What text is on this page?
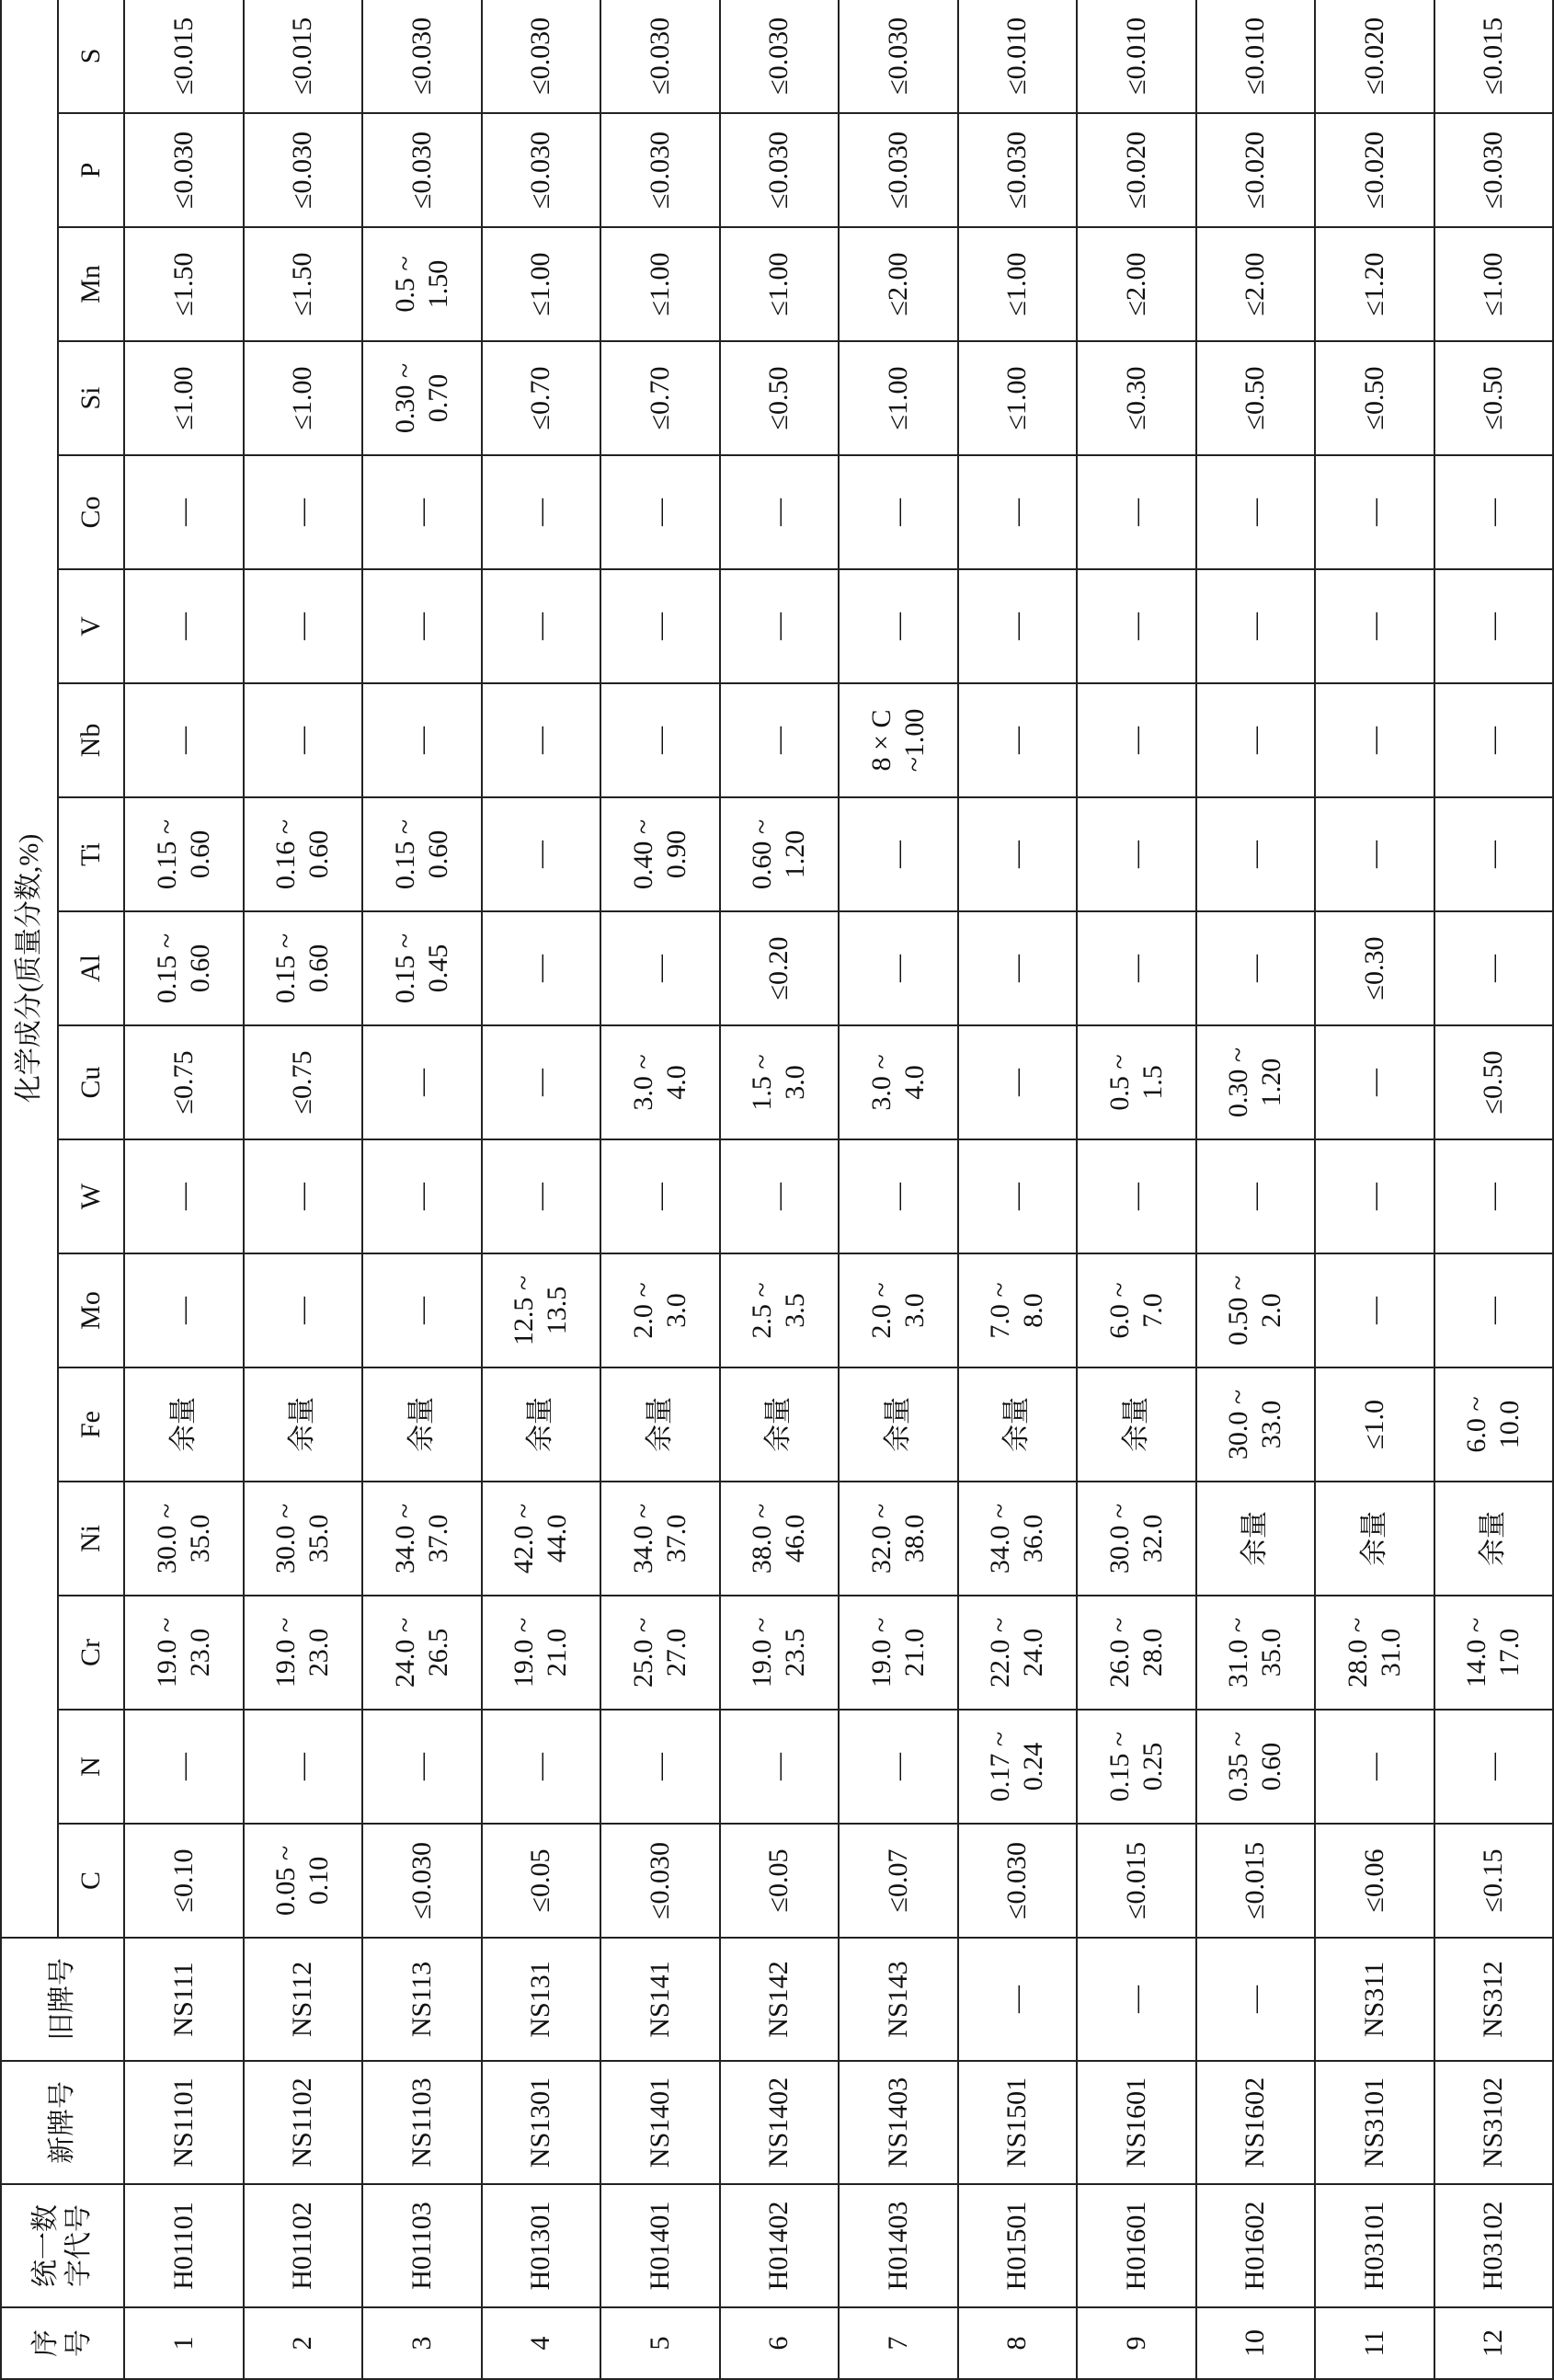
序 号	统一数 字代号	新牌号	旧牌号	化学成分(质量分数,%)																
				C	N	Cr	Ni	Fe	Mo	W	Cu	Al	Ti	Nb	V	Co	Si	Mn	P	S
1	H01101	NS1101	NS111	≤0.10	—	19.0 ~ 23.0	30.0 ~ 35.0	余量	—	—	≤0.75	0.15 ~ 0.60	0.15 ~ 0.60	—	—	—	≤1.00	≤1.50	≤0.030	≤0.015

2	H01102	NS1102	NS112	0.05 ~ 0.10	—	19.0 ~ 23.0	30.0 ~ 35.0	余量	—	—	≤0.75	0.15 ~ 0.60	0.16 ~ 0.60	—	—	—	≤1.00	≤1.50	≤0.030	≤0.015

3	H01103	NS1103	NS113	≤0.030	—	24.0 ~ 26.5	34.0 ~ 37.0	余量	—	—	—	0.15 ~ 0.45	0.15 ~ 0.60	—	—	—	0.30 ~ 0.70	0.5 ~ 1.50	≤0.030	≤0.030

4	H01301	NS1301	NS131	≤0.05	—	19.0 ~ 21.0	42.0 ~ 44.0	余量	12.5 ~ 13.5	—	—	—	—	—	—	—	≤0.70	≤1.00	≤0.030	≤0.030

5	H01401	NS1401	NS141	≤0.030	—	25.0 ~ 27.0	34.0 ~ 37.0	余量	2.0 ~ 3.0	—	3.0 ~ 4.0	—	0.40 ~ 0.90	—	—	—	≤0.70	≤1.00	≤0.030	≤0.030

6	H01402	NS1402	NS142	≤0.05	—	19.0 ~ 23.5	38.0 ~ 46.0	余量	2.5 ~ 3.5	—	1.5 ~ 3.0	≤0.20	0.60 ~ 1.20	—	—	—	≤0.50	≤1.00	≤0.030	≤0.030

7	H01403	NS1403	NS143	≤0.07	—	19.0 ~ 21.0	32.0 ~ 38.0	余量	2.0 ~ 3.0	—	3.0 ~ 4.0	—	—	8 × C ~1.00	—	—	≤1.00	≤2.00	≤0.030	≤0.030

8	H01501	NS1501	—	≤0.030	0.17 ~ 0.24	22.0 ~ 24.0	34.0 ~ 36.0	余量	7.0 ~ 8.0	—	—	—	—	—	—	—	≤1.00	≤1.00	≤0.030	≤0.010

9	H01601	NS1601	—	≤0.015	0.15 ~ 0.25	26.0 ~ 28.0	30.0 ~ 32.0	余量	6.0 ~ 7.0	—	0.5 ~ 1.5	—	—	—	—	—	≤0.30	≤2.00	≤0.020	≤0.010

10	H01602	NS1602	—	≤0.015	0.35 ~ 0.60	31.0 ~ 35.0	余量	30.0 ~ 33.0	0.50 ~ 2.0	—	0.30 ~ 1.20	—	—	—	—	—	≤0.50	≤2.00	≤0.020	≤0.010

11	H03101	NS3101	NS311	≤0.06	—	28.0 ~ 31.0	余量	≤1.0	—	—	—	≤0.30	—	—	—	—	≤0.50	≤1.20	≤0.020	≤0.020

12	H03102	NS3102	NS312	≤0.15	—	14.0 ~ 17.0	余量	6.0 ~ 10.0	—	—	≤0.50	—	—	—	—	—	≤0.50	≤1.00	≤0.030	≤0.015
